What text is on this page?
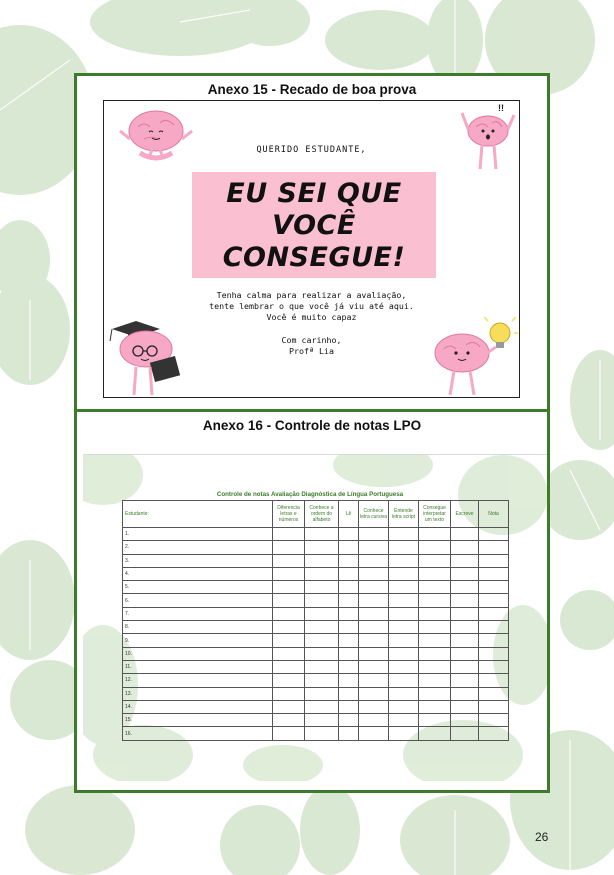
Anexo 15 - Recado de boa prova
!!
QUERIDO ESTUDANTE,
EU SEI QUE
VOCÊ
CONSEGUE!
Tenha calma para realizar a avaliação,
tente lembrar o que você já viu até aqui.
Você é muito capaz
Com carinho,
Profª Lia
Anexo 16 - Controle de notas LPO
Controle de notas Avaliação Diagnóstica de Língua Portuguesa
Estudante:	Diferencia letras e números	Conhece a ordem do alfabeto	Lê	Conhece letra cursiva	Entende letra script	Consegue interpretar um texto	Escreve	Nota
1.								
2.								
3.								
4.								
5.								
6.								
7.								
8.								
9.								
10.								
11.								
12.								
13.								
14.								
15.								
16.								
26
